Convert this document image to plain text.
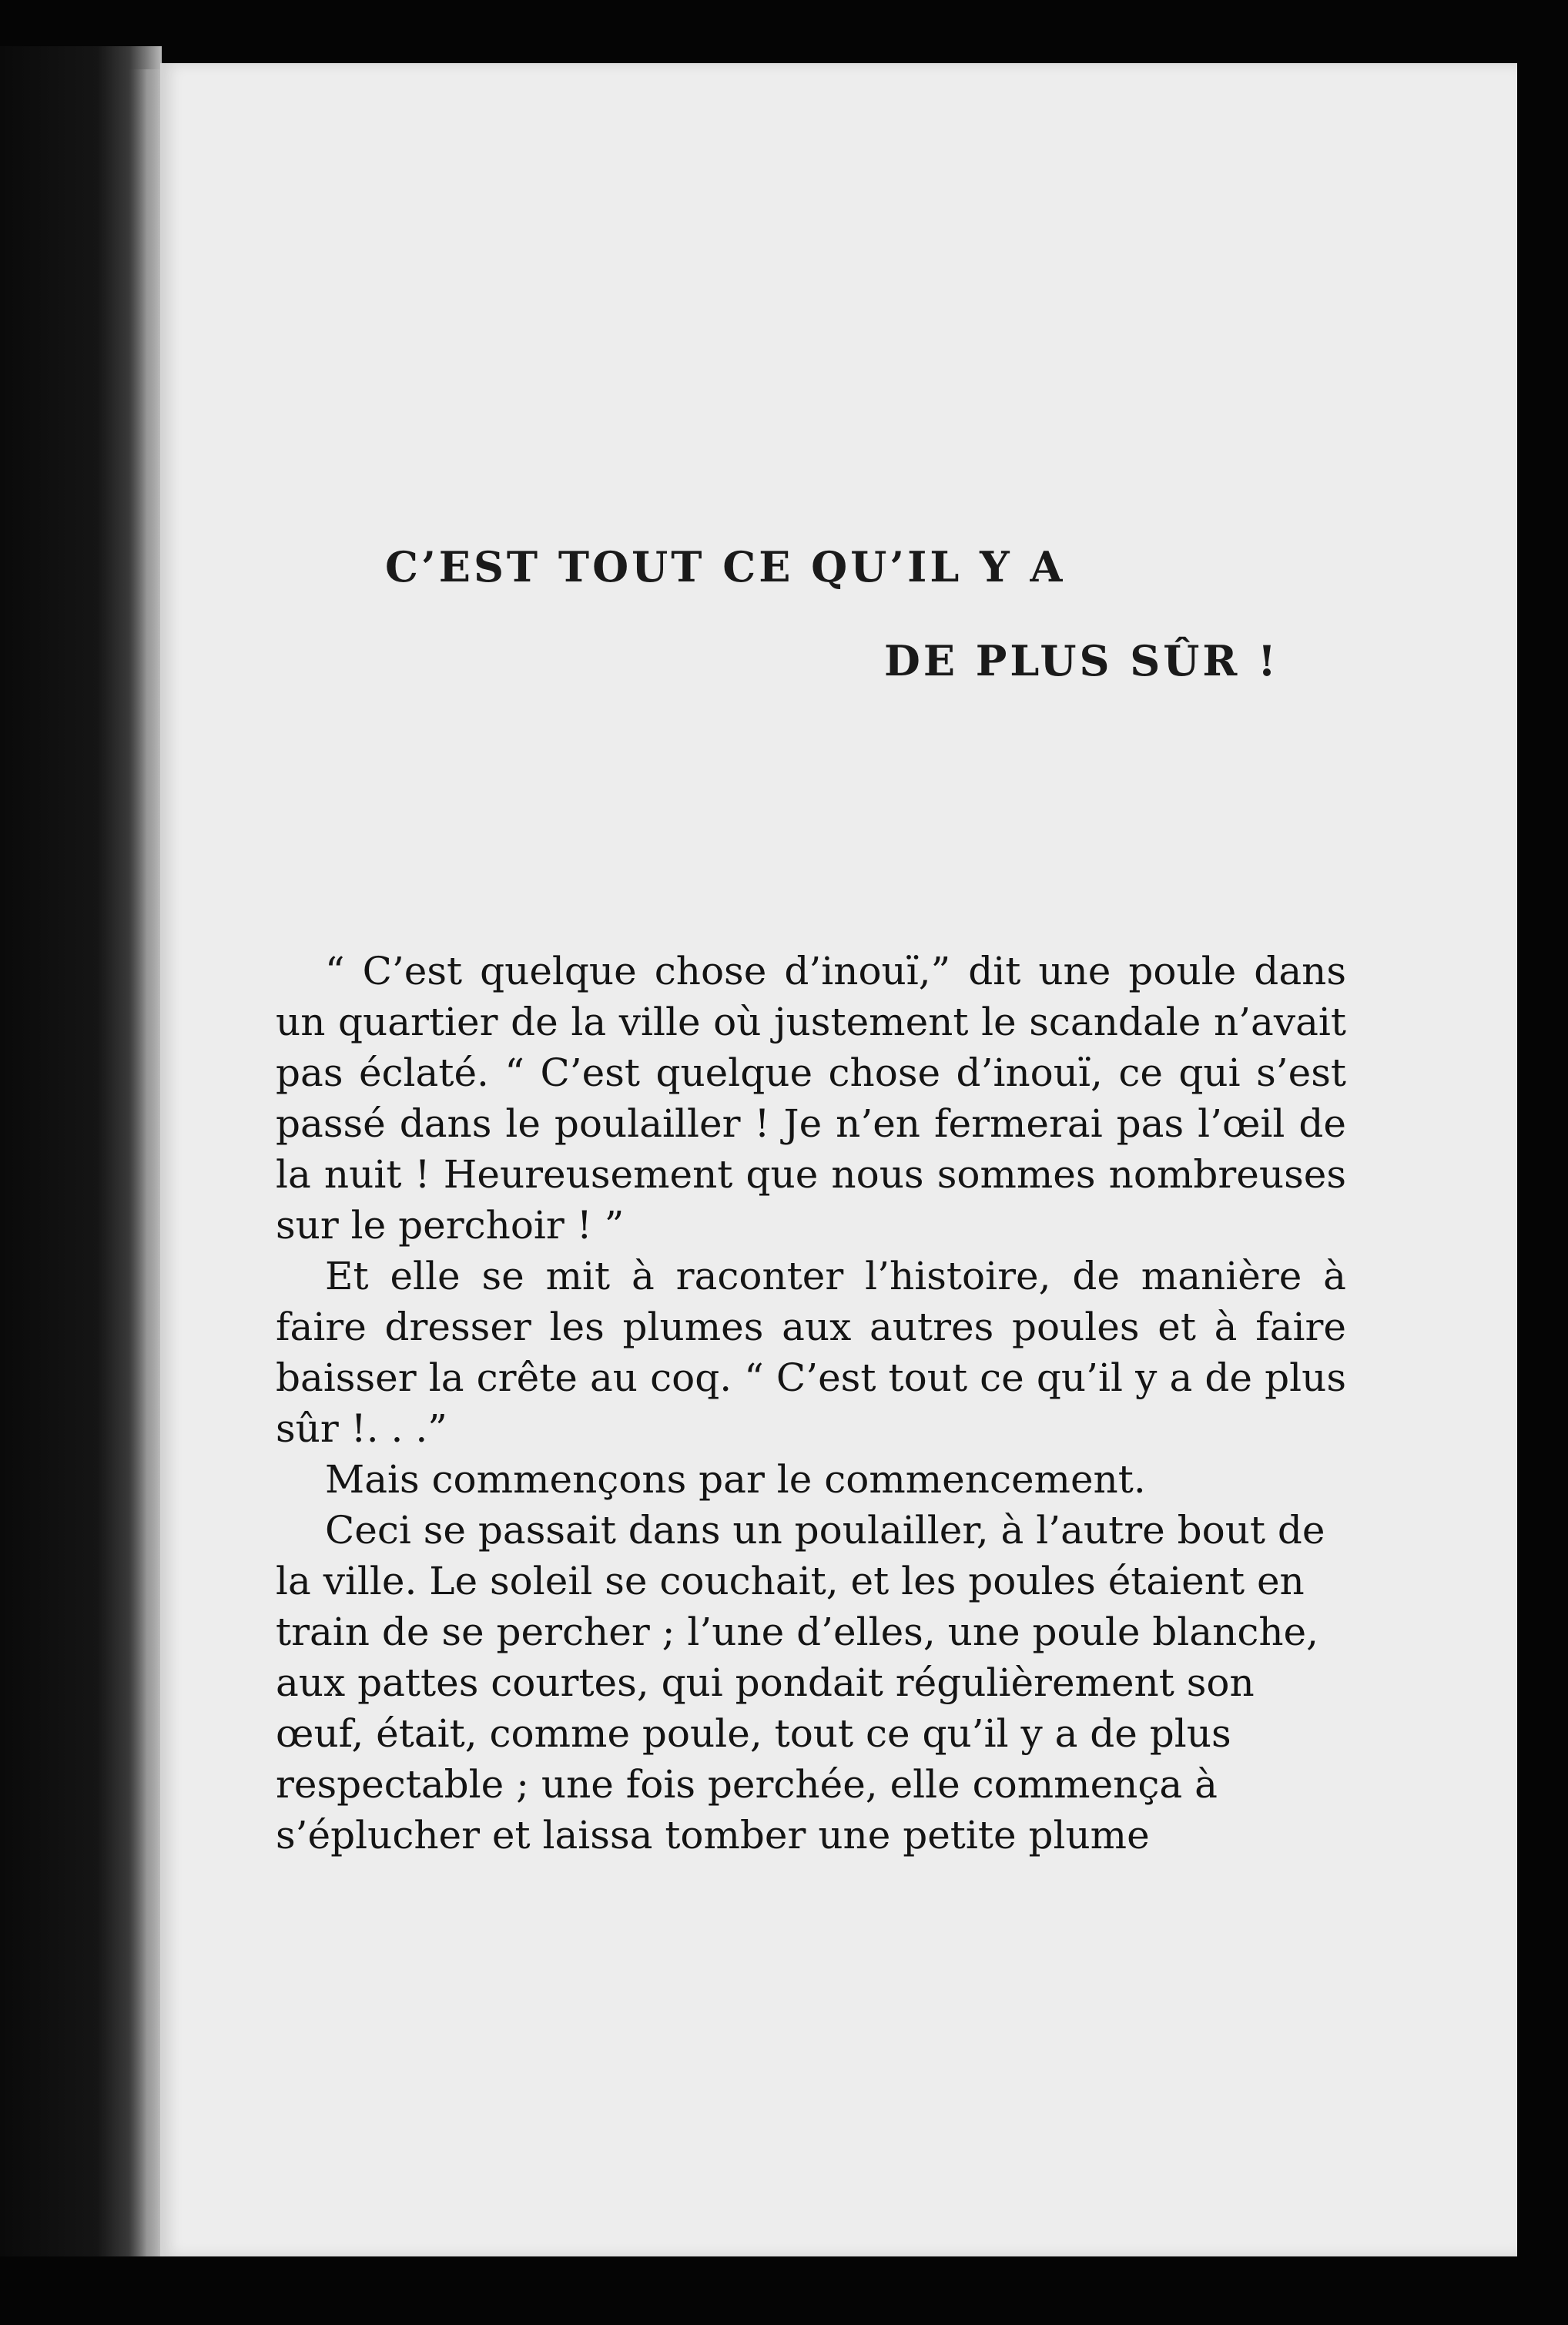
C’EST TOUT CE QU’IL Y A
DE PLUS SÛR !

“ C’est quelque chose d’inouï,” dit une poule dans un quartier de la ville où justement le scandale n’avait pas éclaté. “ C’est quelque chose d’inouï, ce qui s’est passé dans le poulailler ! Je n’en fermerai pas l’œil de la nuit ! Heureusement que nous sommes nombreuses sur le perchoir ! ”

Et elle se mit à raconter l’histoire, de manière à faire dresser les plumes aux autres poules et à faire baisser la crête au coq. “ C’est tout ce qu’il y a de plus sûr !. . .”

Mais commençons par le commencement.

Ceci se passait dans un poulailler, à l’autre bout de la ville. Le soleil se couchait, et les poules étaient en train de se percher ; l’une d’elles, une poule blanche, aux pattes courtes, qui pondait régulièrement son œuf, était, comme poule, tout ce qu’il y a de plus respectable ; une fois perchée, elle commença à s’éplucher et laissa tomber une petite plume
